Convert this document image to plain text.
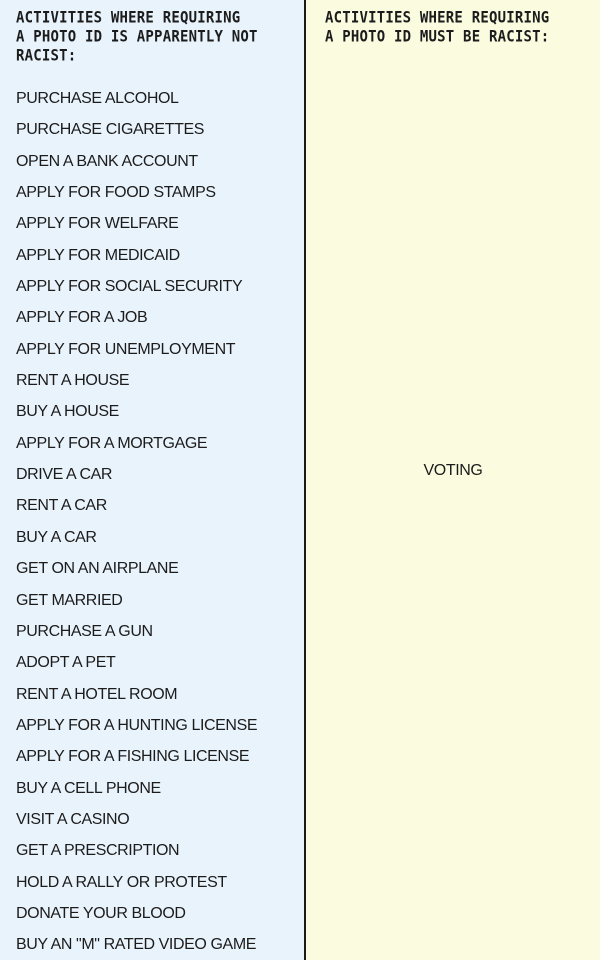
ACTIVITIES WHERE REQUIRING
A PHOTO ID IS APPARENTLY NOT
RACIST:
PURCHASE ALCOHOL
PURCHASE CIGARETTES
OPEN A BANK ACCOUNT
APPLY FOR FOOD STAMPS
APPLY FOR WELFARE
APPLY FOR MEDICAID
APPLY FOR SOCIAL SECURITY
APPLY FOR A JOB
APPLY FOR UNEMPLOYMENT
RENT A HOUSE
BUY A HOUSE
APPLY FOR A MORTGAGE
DRIVE A CAR
RENT A CAR
BUY A CAR
GET ON AN AIRPLANE
GET MARRIED
PURCHASE A GUN
ADOPT A PET
RENT A HOTEL ROOM
APPLY FOR A HUNTING LICENSE
APPLY FOR A FISHING LICENSE
BUY A CELL PHONE
VISIT A CASINO
GET A PRESCRIPTION
HOLD A RALLY OR PROTEST
DONATE YOUR BLOOD
BUY AN "M" RATED VIDEO GAME
ACTIVITIES WHERE REQUIRING
A PHOTO ID MUST BE RACIST:
VOTING
